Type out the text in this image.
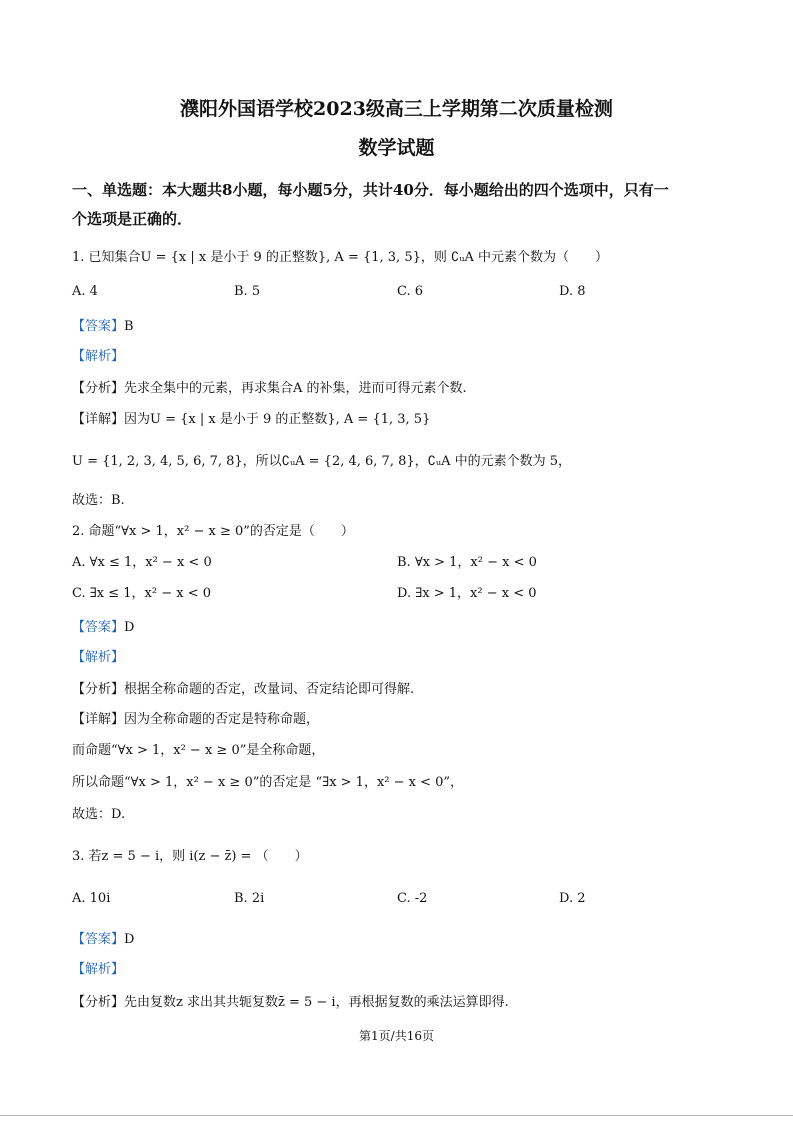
濮阳外国语学校2023级高三上学期第二次质量检测
数学试题
一、单选题：本大题共8小题，每小题5分，共计40分．每小题给出的四个选项中，只有一
个选项是正确的．
1. 已知集合U = {x | x 是小于 9 的正整数}, A = {1, 3, 5}，则 ∁ᵤA 中元素个数为（　　）
A. 4	B. 5	C. 6	D. 8
【答案】B
【解析】
【分析】先求全集中的元素，再求集合A 的补集，进而可得元素个数.
【详解】因为U = {x | x 是小于 9 的正整数}, A = {1, 3, 5}
U = {1, 2, 3, 4, 5, 6, 7, 8}，所以∁ᵤA = {2, 4, 6, 7, 8}，∁ᵤA 中的元素个数为 5，
故选：B.
2. 命题“∀x > 1，x² − x ≥ 0”的否定是（　　）
A. ∀x ≤ 1，x² − x < 0	B. ∀x > 1，x² − x < 0
C. ∃x ≤ 1，x² − x < 0	D. ∃x > 1，x² − x < 0
【答案】D
【解析】
【分析】根据全称命题的否定，改量词、否定结论即可得解.
【详解】因为全称命题的否定是特称命题，
而命题“∀x > 1，x² − x ≥ 0”是全称命题，
所以命题“∀x > 1，x² − x ≥ 0”的否定是 “∃x > 1，x² − x < 0”，
故选：D.
3. 若z = 5 − i，则 i(z − z̄) = （　　）
A. 10i	B. 2i	C. -2	D. 2
【答案】D
【解析】
【分析】先由复数z 求出其共轭复数z̄ = 5 − i，再根据复数的乘法运算即得.
第1页/共16页
